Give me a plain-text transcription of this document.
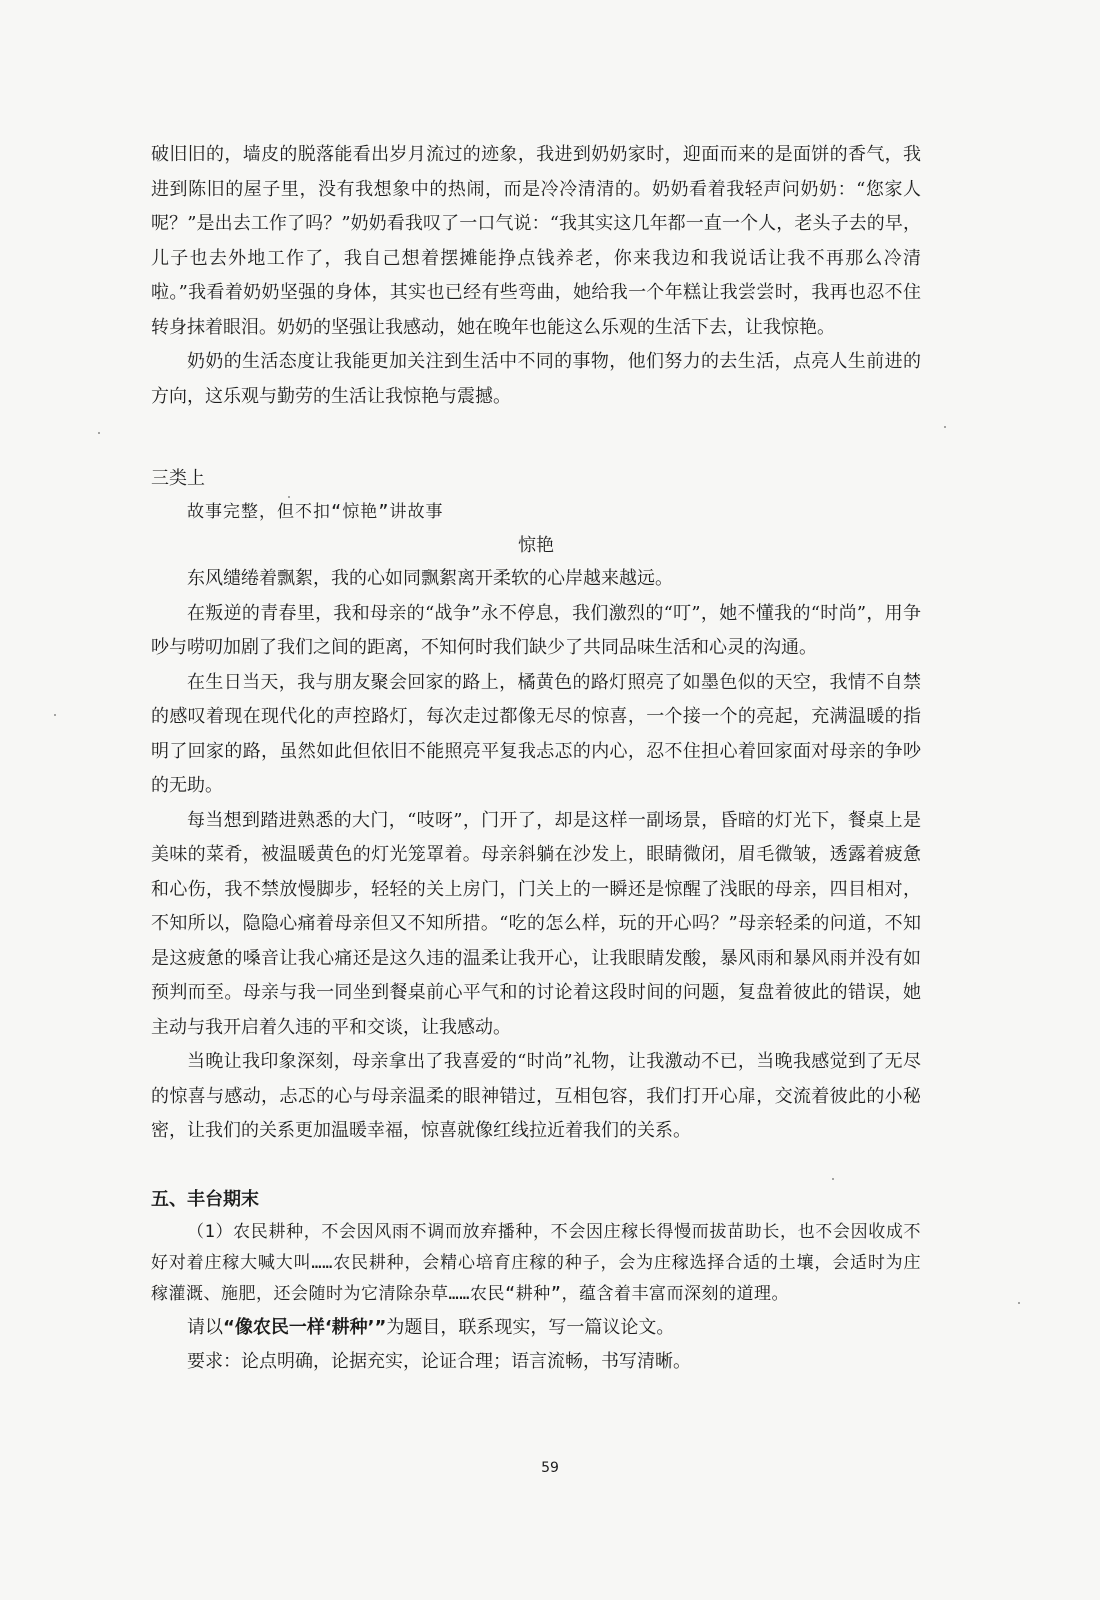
破旧旧的，墙皮的脱落能看出岁月流过的迹象，我进到奶奶家时，迎面而来的是面饼的香气，我进到陈旧的屋子里，没有我想象中的热闹，而是冷冷清清的。奶奶看着我轻声问奶奶：“您家人呢？”是出去工作了吗？”奶奶看我叹了一口气说：“我其实这几年都一直一个人，老头子去的早，儿子也去外地工作了，我自己想着摆摊能挣点钱养老，你来我边和我说话让我不再那么冷清啦。”我看着奶奶坚强的身体，其实也已经有些弯曲，她给我一个年糕让我尝尝时，我再也忍不住转身抹着眼泪。奶奶的坚强让我感动，她在晚年也能这么乐观的生活下去，让我惊艳。

奶奶的生活态度让我能更加关注到生活中不同的事物，他们努力的去生活，点亮人生前进的方向，这乐观与勤劳的生活让我惊艳与震撼。

三类上

故事完整，但不扣“惊艳”讲故事

惊艳

东风缱绻着飘絮，我的心如同飘絮离开柔软的心岸越来越远。

在叛逆的青春里，我和母亲的“战争”永不停息，我们激烈的“叮”，她不懂我的“时尚”，用争吵与唠叨加剧了我们之间的距离，不知何时我们缺少了共同品味生活和心灵的沟通。

在生日当天，我与朋友聚会回家的路上，橘黄色的路灯照亮了如墨色似的天空，我情不自禁的感叹着现在现代化的声控路灯，每次走过都像无尽的惊喜，一个接一个的亮起，充满温暖的指明了回家的路，虽然如此但依旧不能照亮平复我忐忑的内心，忍不住担心着回家面对母亲的争吵的无助。

每当想到踏进熟悉的大门，“吱呀”，门开了，却是这样一副场景，昏暗的灯光下，餐桌上是美味的菜肴，被温暖黄色的灯光笼罩着。母亲斜躺在沙发上，眼睛微闭，眉毛微皱，透露着疲惫和心伤，我不禁放慢脚步，轻轻的关上房门，门关上的一瞬还是惊醒了浅眠的母亲，四目相对，不知所以，隐隐心痛着母亲但又不知所措。“吃的怎么样，玩的开心吗？”母亲轻柔的问道，不知是这疲惫的嗓音让我心痛还是这久违的温柔让我开心，让我眼睛发酸，暴风雨和暴风雨并没有如预判而至。母亲与我一同坐到餐桌前心平气和的讨论着这段时间的问题，复盘着彼此的错误，她主动与我开启着久违的平和交谈，让我感动。

当晚让我印象深刻，母亲拿出了我喜爱的“时尚”礼物，让我激动不已，当晚我感觉到了无尽的惊喜与感动，忐忑的心与母亲温柔的眼神错过，互相包容，我们打开心扉，交流着彼此的小秘密，让我们的关系更加温暖幸福，惊喜就像红线拉近着我们的关系。

五、丰台期末

（1）农民耕种，不会因风雨不调而放弃播种，不会因庄稼长得慢而拔苗助长，也不会因收成不好对着庄稼大喊大叫……农民耕种，会精心培育庄稼的种子，会为庄稼选择合适的土壤，会适时为庄稼灌溉、施肥，还会随时为它清除杂草……农民“耕种”，蕴含着丰富而深刻的道理。

请以“像农民一样‘耕种’”为题目，联系现实，写一篇议论文。

要求：论点明确，论据充实，论证合理；语言流畅，书写清晰。

59
